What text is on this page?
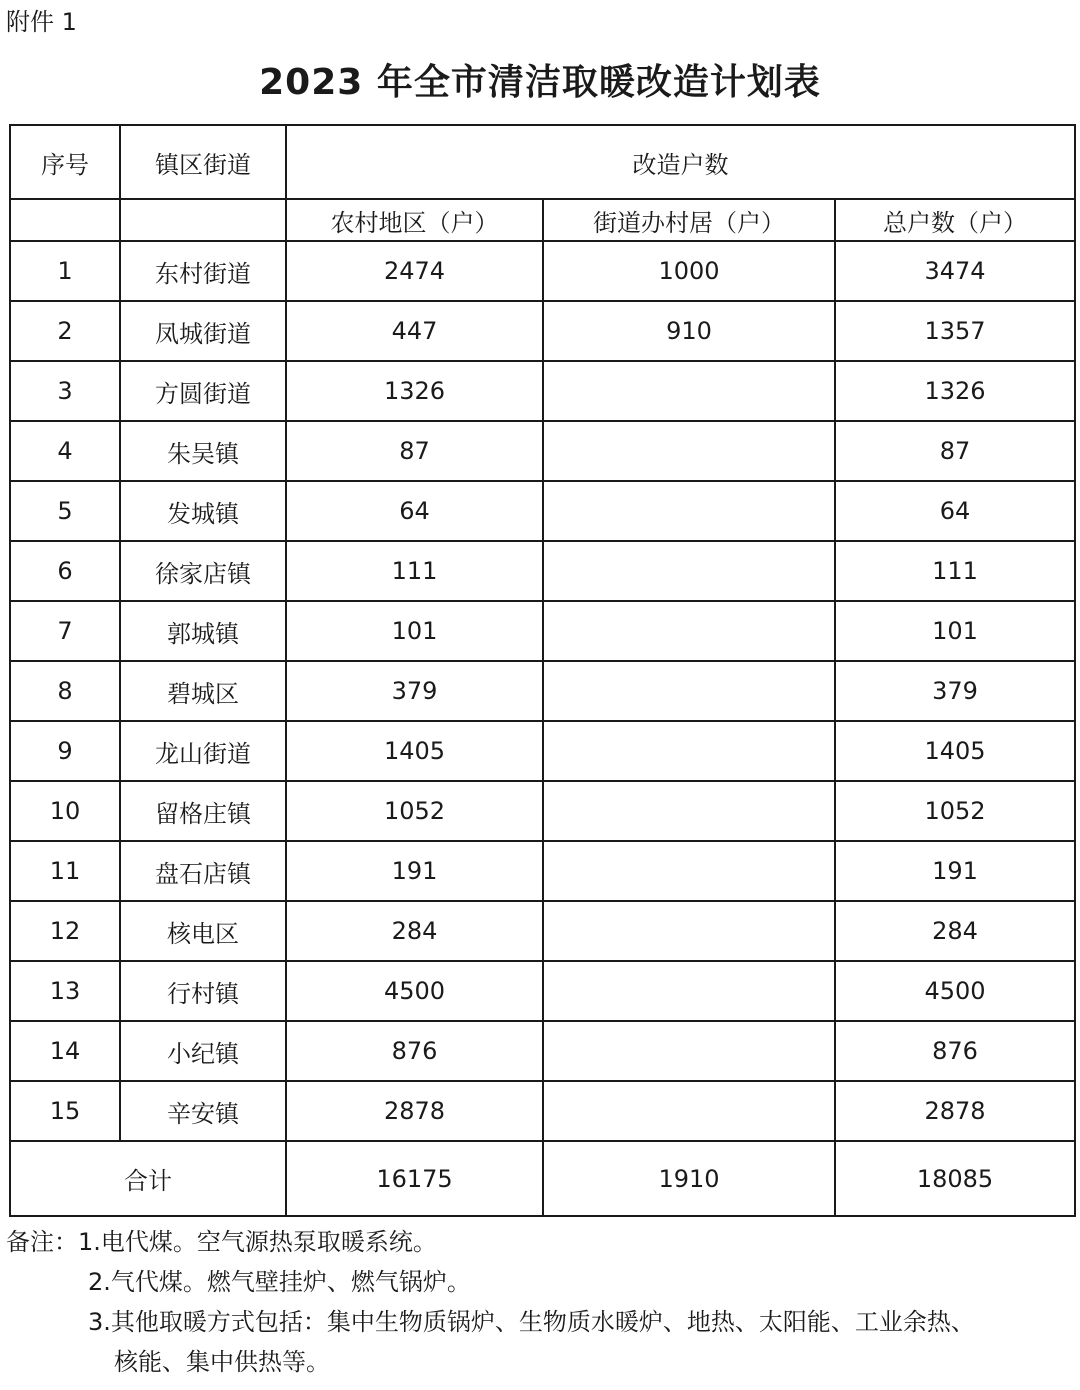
附件 1
2023 年全市清洁取暖改造计划表
序号	镇区街道	改造户数		
		农村地区（户）	街道办村居（户）	总户数（户）
1	东村街道	2474	1000	3474
2	凤城街道	447	910	1357
3	方圆街道	1326		1326
4	朱吴镇	87		87
5	发城镇	64		64
6	徐家店镇	111		111
7	郭城镇	101		101
8	碧城区	379		379
9	龙山街道	1405		1405
10	留格庄镇	1052		1052
11	盘石店镇	191		191
12	核电区	284		284
13	行村镇	4500		4500
14	小纪镇	876		876
15	辛安镇	2878		2878
合计		16175	1910	18085
备注：1.电代煤。空气源热泵取暖系统。
2.气代煤。燃气壁挂炉、燃气锅炉。
3.其他取暖方式包括：集中生物质锅炉、生物质水暖炉、地热、太阳能、工业余热、
核能、集中供热等。
